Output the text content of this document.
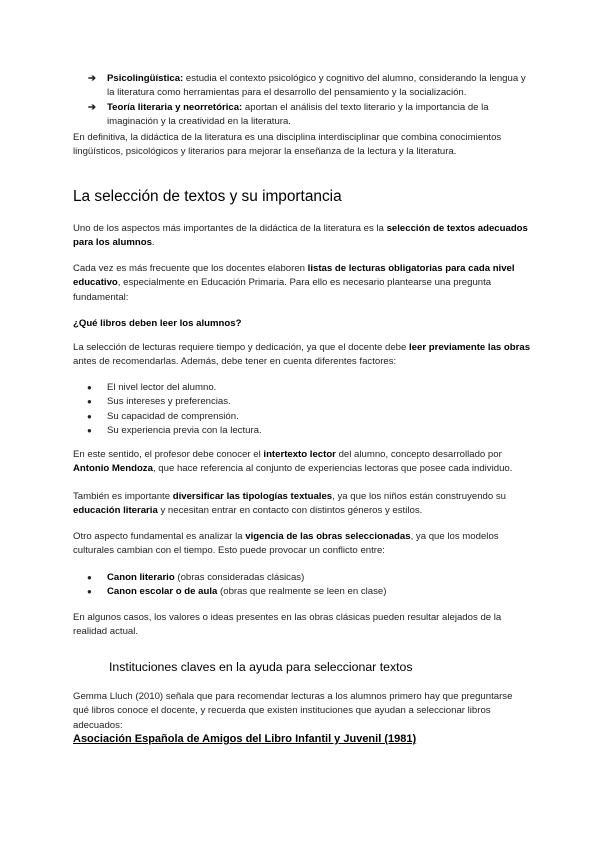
➔ Psicolingüística: estudia el contexto psicológico y cognitivo del alumno, considerando la lengua y la literatura como herramientas para el desarrollo del pensamiento y la socialización.

➔ Teoría literaria y neorretórica: aportan el análisis del texto literario y la importancia de la imaginación y la creatividad en la literatura.

En definitiva, la didáctica de la literatura es una disciplina interdisciplinar que combina conocimientos lingüísticos, psicológicos y literarios para mejorar la enseñanza de la lectura y la literatura.

La selección de textos y su importancia

Uno de los aspectos más importantes de la didáctica de la literatura es la selección de textos adecuados para los alumnos.

Cada vez es más frecuente que los docentes elaboren listas de lecturas obligatorias para cada nivel educativo, especialmente en Educación Primaria. Para ello es necesario plantearse una pregunta fundamental:

¿Qué libros deben leer los alumnos?

La selección de lecturas requiere tiempo y dedicación, ya que el docente debe leer previamente las obras antes de recomendarlas. Además, debe tener en cuenta diferentes factores:

● El nivel lector del alumno.
● Sus intereses y preferencias.
● Su capacidad de comprensión.
● Su experiencia previa con la lectura.

En este sentido, el profesor debe conocer el intertexto lector del alumno, concepto desarrollado por Antonio Mendoza, que hace referencia al conjunto de experiencias lectoras que posee cada individuo.

También es importante diversificar las tipologías textuales, ya que los niños están construyendo su educación literaria y necesitan entrar en contacto con distintos géneros y estilos.

Otro aspecto fundamental es analizar la vigencia de las obras seleccionadas, ya que los modelos culturales cambian con el tiempo. Esto puede provocar un conflicto entre:

● Canon literario (obras consideradas clásicas)
● Canon escolar o de aula (obras que realmente se leen en clase)

En algunos casos, los valores o ideas presentes en las obras clásicas pueden resultar alejados de la realidad actual.

Instituciones claves en la ayuda para seleccionar textos

Gemma Lluch (2010) señala que para recomendar lecturas a los alumnos primero hay que preguntarse qué libros conoce el docente, y recuerda que existen instituciones que ayudan a seleccionar libros adecuados:

Asociación Española de Amigos del Libro Infantil y Juvenil (1981)
